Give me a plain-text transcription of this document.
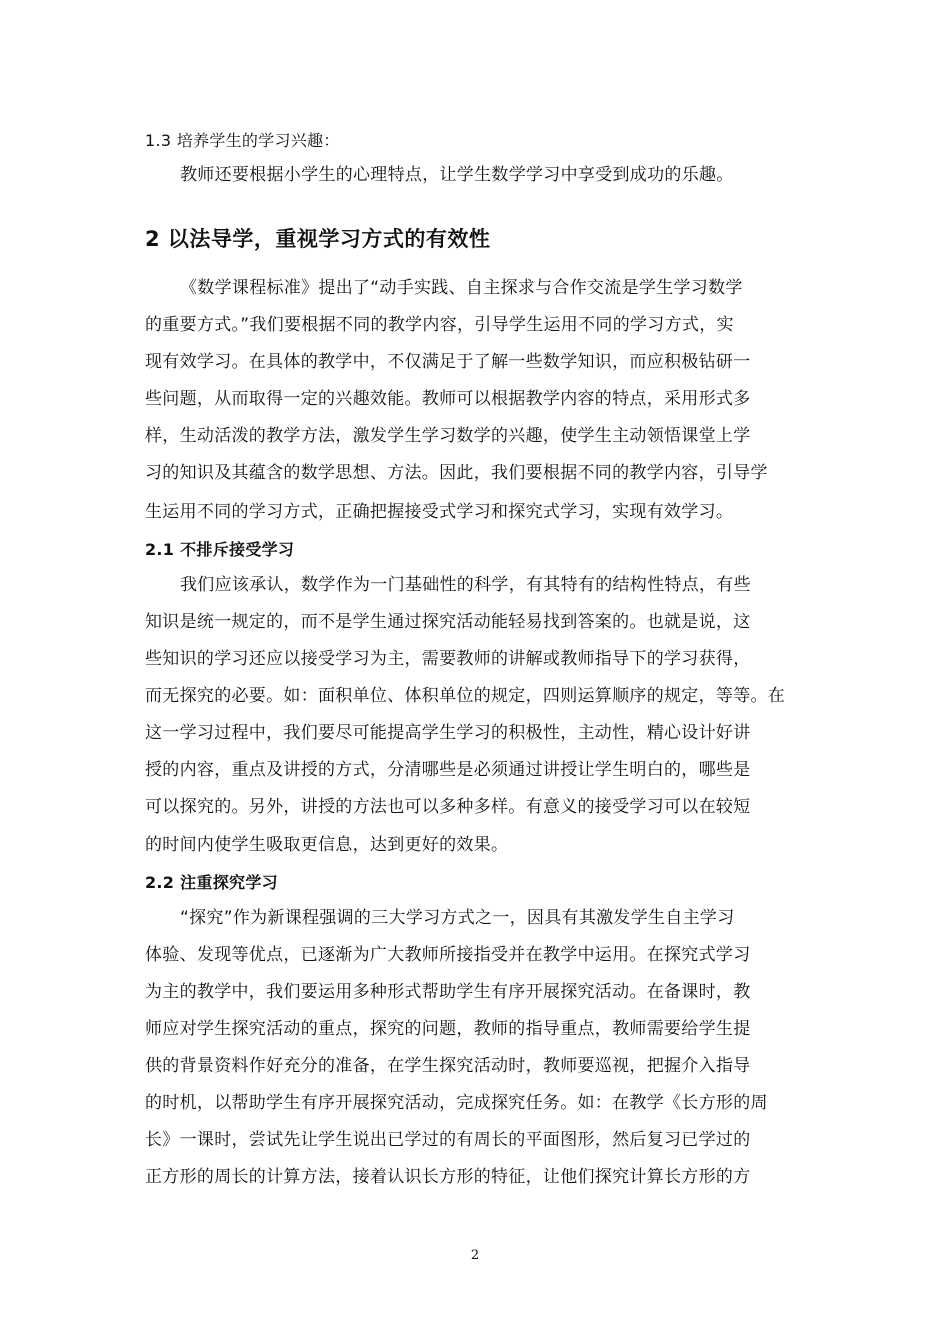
1.3 培养学生的学习兴趣：
教师还要根据小学生的心理特点，让学生数学学习中享受到成功的乐趣。
2 以法导学，重视学习方式的有效性
《数学课程标准》提出了“动手实践、自主探求与合作交流是学生学习数学
的重要方式。”我们要根据不同的教学内容，引导学生运用不同的学习方式，实
现有效学习。在具体的教学中，不仅满足于了解一些数学知识，而应积极钻研一
些问题，从而取得一定的兴趣效能。教师可以根据教学内容的特点，采用形式多
样，生动活泼的教学方法，激发学生学习数学的兴趣，使学生主动领悟课堂上学
习的知识及其蕴含的数学思想、方法。因此，我们要根据不同的教学内容，引导学
生运用不同的学习方式，正确把握接受式学习和探究式学习，实现有效学习。
2.1 不排斥接受学习
我们应该承认，数学作为一门基础性的科学，有其特有的结构性特点，有些
知识是统一规定的，而不是学生通过探究活动能轻易找到答案的。也就是说，这
些知识的学习还应以接受学习为主，需要教师的讲解或教师指导下的学习获得，
而无探究的必要。如：面积单位、体积单位的规定，四则运算顺序的规定，等等。在
这一学习过程中，我们要尽可能提高学生学习的积极性，主动性，精心设计好讲
授的内容，重点及讲授的方式，分清哪些是必须通过讲授让学生明白的，哪些是
可以探究的。另外，讲授的方法也可以多种多样。有意义的接受学习可以在较短
的时间内使学生吸取更信息，达到更好的效果。
2.2 注重探究学习
“探究”作为新课程强调的三大学习方式之一，因具有其激发学生自主学习
体验、发现等优点，已逐渐为广大教师所接指受并在教学中运用。在探究式学习
为主的教学中，我们要运用多种形式帮助学生有序开展探究活动。在备课时，教
师应对学生探究活动的重点，探究的问题，教师的指导重点，教师需要给学生提
供的背景资料作好充分的准备，在学生探究活动时，教师要巡视，把握介入指导
的时机，以帮助学生有序开展探究活动，完成探究任务。如：在教学《长方形的周
长》一课时，尝试先让学生说出已学过的有周长的平面图形，然后复习已学过的
正方形的周长的计算方法，接着认识长方形的特征，让他们探究计算长方形的方
2
